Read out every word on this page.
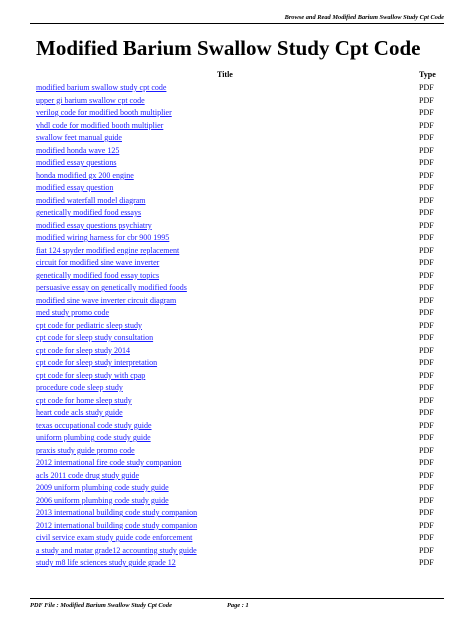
Browse and Read Modified Barium Swallow Study Cpt Code
Modified Barium Swallow Study Cpt Code
Title	Type
modified barium swallow study cpt code	PDF
upper gi barium swallow cpt code	PDF
verilog code for modified booth multiplier	PDF
vhdl code for modified booth multiplier	PDF
swallow feet manual guide	PDF
modified honda wave 125	PDF
modified essay questions	PDF
honda modified gx 200 engine	PDF
modified essay question	PDF
modified waterfall model diagram	PDF
genetically modified food essays	PDF
modified essay questions psychiatry	PDF
modified wiring harness for cbr 900 1995	PDF
fiat 124 spyder modified engine replacement	PDF
circuit for modified sine wave inverter	PDF
genetically modified food essay topics	PDF
persuasive essay on genetically modified foods	PDF
modified sine wave inverter circuit diagram	PDF
med study promo code	PDF
cpt code for pediatric sleep study	PDF
cpt code for sleep study consultation	PDF
cpt code for sleep study 2014	PDF
cpt code for sleep study interpretation	PDF
cpt code for sleep study with cpap	PDF
procedure code sleep study	PDF
cpt code for home sleep study	PDF
heart code acls study guide	PDF
texas occupational code study guide	PDF
uniform plumbing code study guide	PDF
praxis study guide promo code	PDF
2012 international fire code study companion	PDF
acls 2011 code drug study guide	PDF
2009 uniform plumbing code study guide	PDF
2006 uniform plumbing code study guide	PDF
2013 international building code study companion	PDF
2012 international building code study companion	PDF
civil service exam study guide code enforcement	PDF
a study and matar grade12 accounting study guide	PDF
study m8 life sciences study guide grade 12	PDF
PDF File : Modified Barium Swallow Study Cpt Code	Page : 1
